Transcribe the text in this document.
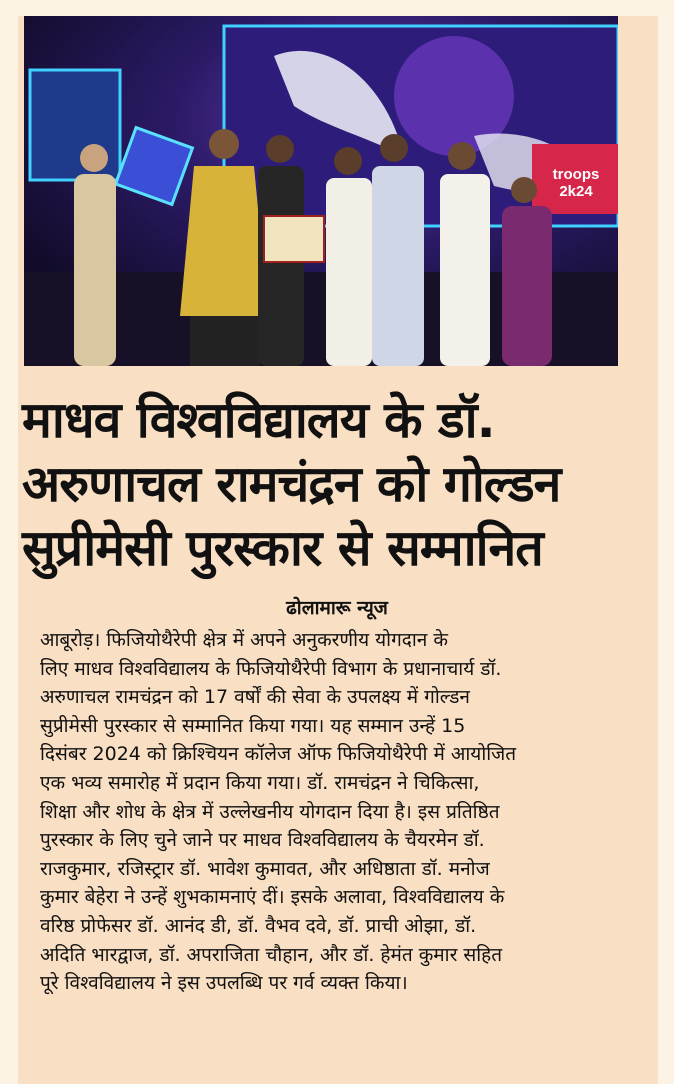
troops
2k24
माधव विश्वविद्यालय के डॉ.
अरुणाचल रामचंद्रन को गोल्डन
सुप्रीमेसी पुरस्कार से सम्मानित
ढोलामारू न्यूज
आबूरोड़। फिजियोथैरेपी क्षेत्र में अपने अनुकरणीय योगदान के
लिए माधव विश्वविद्यालय के फिजियोथैरेपी विभाग के प्रधानाचार्य डॉ.
अरुणाचल रामचंद्रन को 17 वर्षों की सेवा के उपलक्ष्य में गोल्डन
सुप्रीमेसी पुरस्कार से सम्मानित किया गया। यह सम्मान उन्हें 15
दिसंबर 2024 को क्रिश्चियन कॉलेज ऑफ फिजियोथैरेपी में आयोजित
एक भव्य समारोह में प्रदान किया गया। डॉ. रामचंद्रन ने चिकित्सा,
शिक्षा और शोध के क्षेत्र में उल्लेखनीय योगदान दिया है। इस प्रतिष्ठित
पुरस्कार के लिए चुने जाने पर माधव विश्वविद्यालय के चैयरमेन डॉ.
राजकुमार, रजिस्ट्रार डॉ. भावेश कुमावत, और अधिष्ठाता डॉ. मनोज
कुमार बेहेरा ने उन्हें शुभकामनाएं दीं। इसके अलावा, विश्वविद्यालय के
वरिष्ठ प्रोफेसर डॉ. आनंद डी, डॉ. वैभव दवे, डॉ. प्राची ओझा, डॉ.
अदिति भारद्वाज, डॉ. अपराजिता चौहान, और डॉ. हेमंत कुमार सहित
पूरे विश्वविद्यालय ने इस उपलब्धि पर गर्व व्यक्त किया।
